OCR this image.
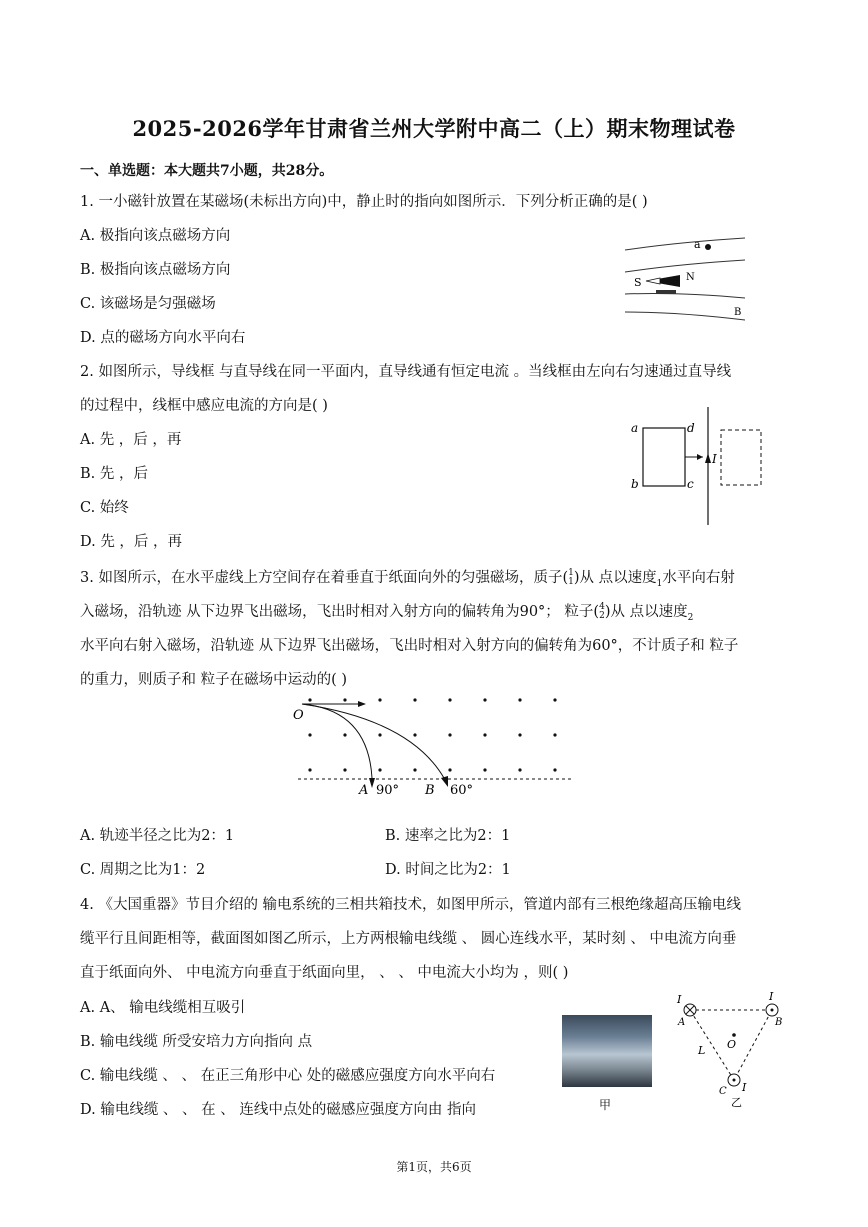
2025-2026学年甘肃省兰州大学附中高二（上）期末物理试卷
一、单选题：本大题共7小题，共28分。
1. 一小磁针放置在某磁场(未标出方向)中，静止时的指向如图所示．下列分析正确的是( )
A. 极指向该点磁场方向
B. 极指向该点磁场方向
C. 该磁场是匀强磁场
D. 点的磁场方向水平向右
a
S	N
B
2. 如图所示，导线框 与直导线在同一平面内，直导线通有恒定电流 。当线框由左向右匀速通过直导线
的过程中，线框中感应电流的方向是( )
A. 先 ，后 ，再
B. 先 ，后
C. 始终
D. 先 ，后 ，再
a
b	c
d
I
3. 如图所示，在水平虚线上方空间存在着垂直于纸面向外的匀强磁场，质子( 1
1 )从 点以速度$_1$水平向右射
入磁场，沿轨迹 从下边界飞出磁场，飞出时相对入射方向的偏转角为90°； 粒子( 4
2 )从 点以速度$_2$
水平向右射入磁场，沿轨迹 从下边界飞出磁场，飞出时相对入射方向的偏转角为60°，不计质子和 粒子
的重力，则质子和 粒子在磁场中运动的( )
O
A 90° B 60°
A. 轨迹半径之比为2：1	B. 速率之比为2：1
C. 周期之比为1：2	D. 时间之比为2：1
4. 《大国重器》节目介绍的 输电系统的三相共箱技术，如图甲所示，管道内部有三根绝缘超高压输电线
缆平行且间距相等，截面图如图乙所示，上方两根输电线缆 、 圆心连线水平，某时刻 、 中电流方向垂
直于纸面向外、 中电流方向垂直于纸面向里， 、 、 中电流大小均为 ，则( )
A. A、 输电线缆相互吸引
B. 输电线缆 所受安培力方向指向 点
C. 输电线缆 、 、 在正三角形中心 处的磁感应强度方向水平向右
D. 输电线缆 、 、 在 、 连线中点处的磁感应强度方向由 指向	甲
I
A
I
B
O
L
C I
乙
第1页，共6页
